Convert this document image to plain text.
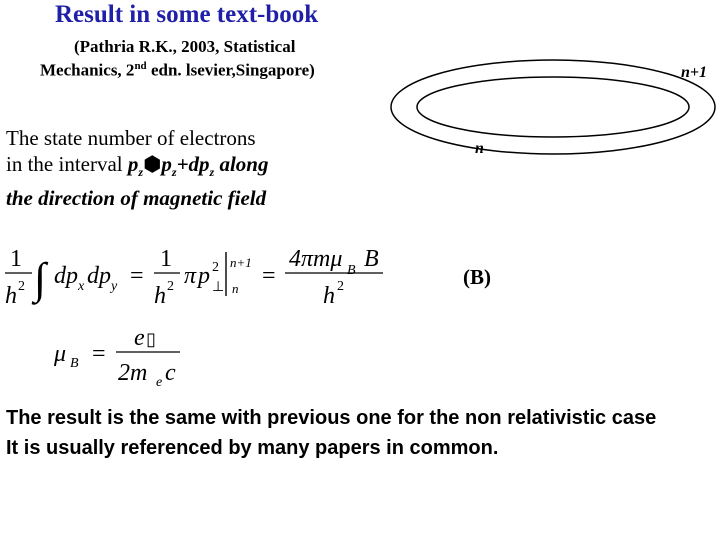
Result in some text-book
(Pathria R.K., 2003, Statistical
Mechanics, 2nd edn. lsevier,Singapore)
The state number of electrons
in the interval $p_z⬢p_z+dp_z$ along
the direction of magnetic field
n+1
n
(B)
1
h 2 ∫ dp x dp y =
1
h 2 π p ⊥
2 n+1
n =
4πmμ B B
h 2
μ B =
e ▯
2m e c
The result is the same with previous one for the non relativistic case
It is usually referenced by many papers in common.
